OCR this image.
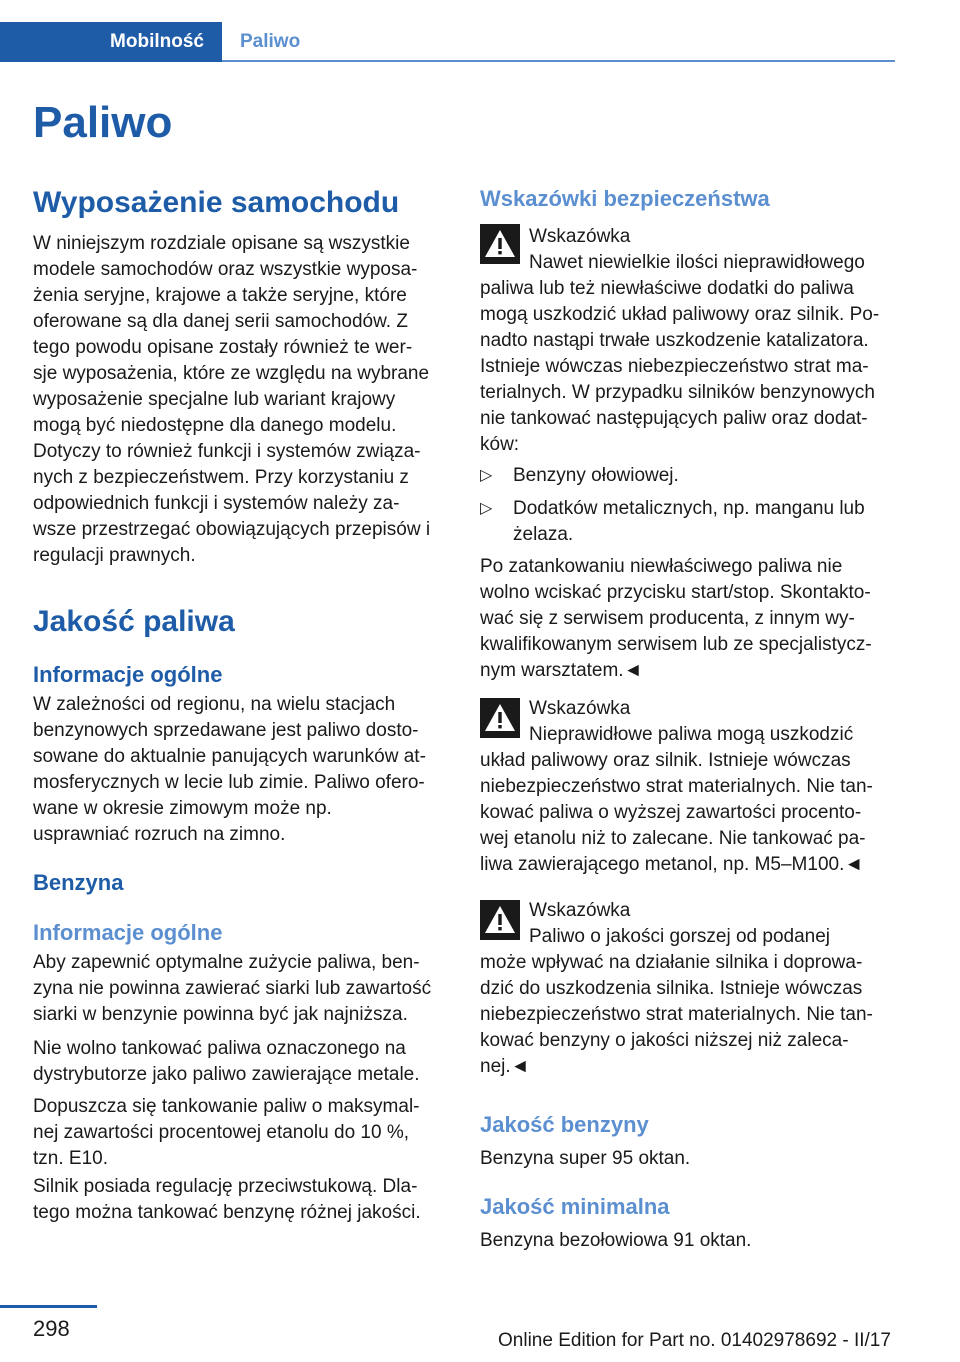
Mobilność	Paliwo
Paliwo
Wyposażenie samochodu

W niniejszym rozdziale opisane są wszystkie

modele samochodów oraz wszystkie wyposa‐

żenia seryjne, krajowe a także seryjne, które

oferowane są dla danej serii samochodów. Z

tego powodu opisane zostały również te wer‐

sje wyposażenia, które ze względu na wybrane

wyposażenie specjalne lub wariant krajowy

mogą być niedostępne dla danego modelu.

Dotyczy to również funkcji i systemów związa‐

nych z bezpieczeństwem. Przy korzystaniu z

odpowiednich funkcji i systemów należy za‐

wsze przestrzegać obowiązujących przepisów i

regulacji prawnych.

Jakość paliwa
Informacje ogólne

W zależności od regionu, na wielu stacjach

benzynowych sprzedawane jest paliwo dosto‐

sowane do aktualnie panujących warunków at‐

mosferycznych w lecie lub zimie. Paliwo ofero‐

wane w okresie zimowym może np.

usprawniać rozruch na zimno.

Benzyna
Informacje ogólne

Aby zapewnić optymalne zużycie paliwa, ben‐

zyna nie powinna zawierać siarki lub zawartość

siarki w benzynie powinna być jak najniższa.

Nie wolno tankować paliwa oznaczonego na

dystrybutorze jako paliwo zawierające metale.

Dopuszcza się tankowanie paliw o maksymal‐

nej zawartości procentowej etanolu do 10 %,

tzn. E10.

Silnik posiada regulację przeciwstukową. Dla‐

tego można tankować benzynę różnej jakości.

Wskazówki bezpieczeństwa

Wskazówka

Nawet niewielkie ilości nieprawidłowego

paliwa lub też niewłaściwe dodatki do paliwa

mogą uszkodzić układ paliwowy oraz silnik. Po‐

nadto nastąpi trwałe uszkodzenie katalizatora.

Istnieje wówczas niebezpieczeństwo strat ma‐

terialnych. W przypadku silników benzynowych

nie tankować następujących paliw oraz dodat‐

ków:

▷	Benzyny ołowiowej.

▷	Dodatków metalicznych, np. manganu lub

żelaza.

Po zatankowaniu niewłaściwego paliwa nie

wolno wciskać przycisku start/stop. Skontakto‐

wać się z serwisem producenta, z innym wy‐

kwalifikowanym serwisem lub ze specjalistycz‐

nym warsztatem.◄

Wskazówka

Nieprawidłowe paliwa mogą uszkodzić

układ paliwowy oraz silnik. Istnieje wówczas

niebezpieczeństwo strat materialnych. Nie tan‐

kować paliwa o wyższej zawartości procento‐

wej etanolu niż to zalecane. Nie tankować pa‐

liwa zawierającego metanol, np. M5–M100.◄

Wskazówka

Paliwo o jakości gorszej od podanej

może wpływać na działanie silnika i doprowa‐

dzić do uszkodzenia silnika. Istnieje wówczas

niebezpieczeństwo strat materialnych. Nie tan‐

kować benzyny o jakości niższej niż zaleca‐

nej.◄

Jakość benzyny

Benzyna super 95 oktan.

Jakość minimalna

Benzyna bezołowiowa 91 oktan.

298	Online Edition for Part no. 01402978692 - II/17
